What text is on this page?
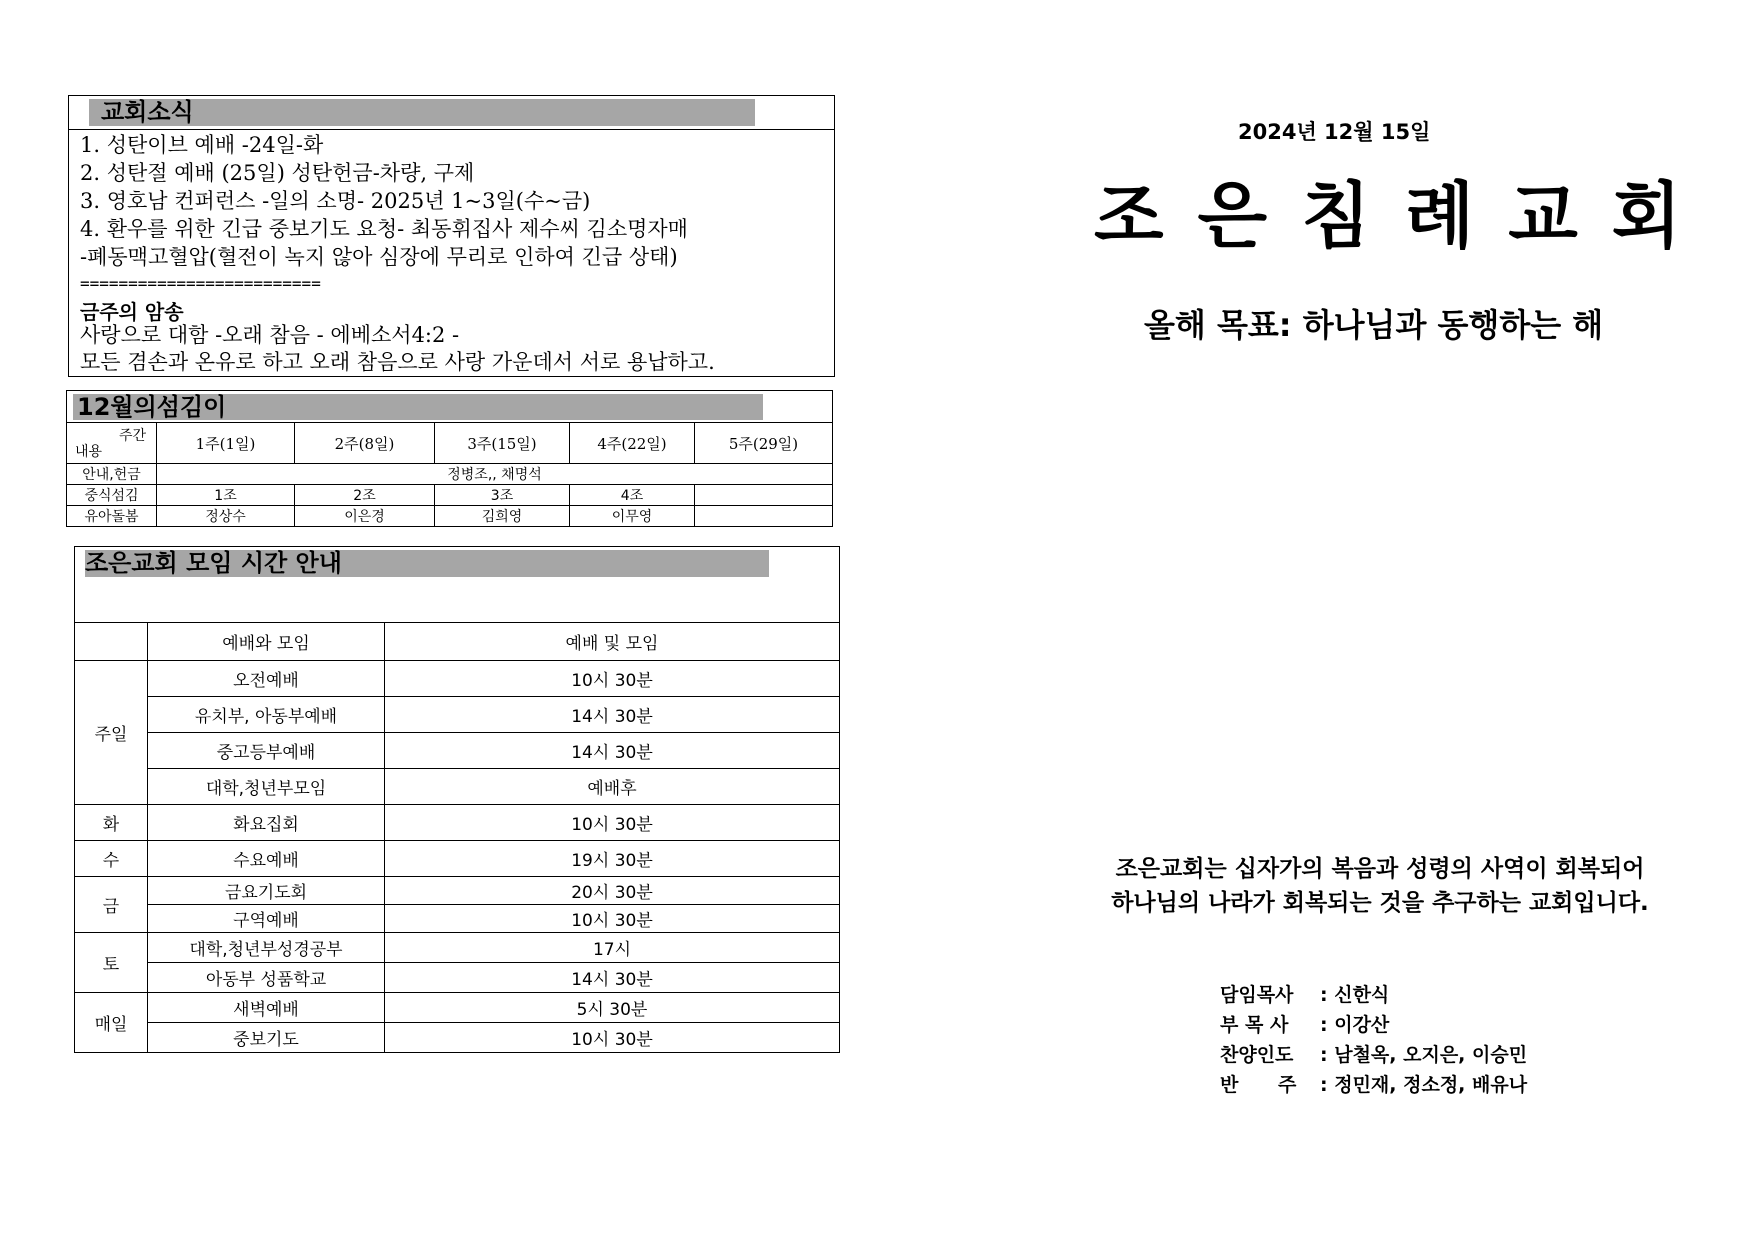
교회소식
1. 성탄이브 예배 -24일-화
2. 성탄절 예배 (25일) 성탄헌금-차량, 구제
3. 영호남 컨퍼런스 -일의 소명- 2025년 1~3일(수~금)
4. 환우를 위한 긴급 중보기도 요청- 최동휘집사 제수씨 김소명자매
-폐동맥고혈압(혈전이 녹지 않아 심장에 무리로 인하여 긴급 상태)
=========================
금주의 암송
사랑으로 대함 -오래 참음 - 에베소서4:2 -
모든 겸손과 온유로 하고 오래 참음으로 사랑 가운데서 서로 용납하고.
12월의섬김이					

주간
내용	1주(1일)	2주(8일)	3주(15일)	4주(22일)	5주(29일)
안내,헌금	정병조,, 채명석				
중식섬김	1조	2조	3조	4조	
유아돌봄	정상수	이은경	김희영	이무영	
조은교회 모임 시간 안내
	예배와 모임	예배 및 모임
주일	오전예배	10시 30분
	유치부, 아동부예배	14시 30분
	중고등부예배	14시 30분
	대학,청년부모임	예배후
화	화요집회	10시 30분
수	수요예배	19시 30분
금	금요기도회	20시 30분
	구역예배	10시 30분
토	대학,청년부성경공부	17시
	아동부 성품학교	14시 30분
매일	새벽예배	5시 30분
	중보기도	10시 30분
2024년 12월 15일
조은침례교회
올해 목표: 하나님과 동행하는 해
조은교회는 십자가의 복음과 성령의 사역이 회복되어
하나님의 나라가 회복되는 것을 추구하는 교회입니다.
담임목사 : 신한식
부 목 사 : 이강산
찬양인도 : 남철옥, 오지은, 이승민
반      주 : 정민재, 정소정, 배유나
